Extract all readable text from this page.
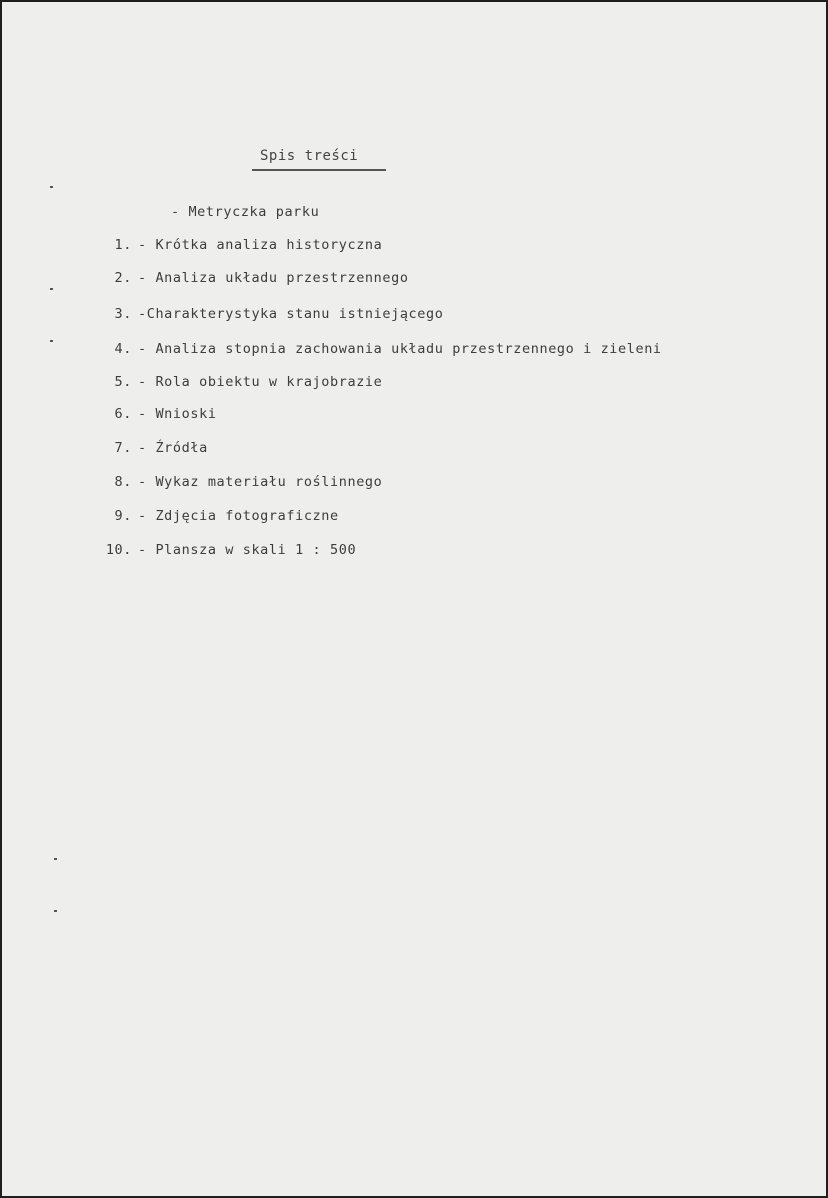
Spis treści
- Metryczka parku
1. - Krótka analiza historyczna
2. - Analiza układu przestrzennego
3. -Charakterystyka stanu istniejącego
4. - Analiza stopnia zachowania układu przestrzennego i zieleni
5. - Rola obiektu w krajobrazie
6. - Wnioski
7. - Źródła
8. - Wykaz materiału roślinnego
9. - Zdjęcia fotograficzne
10. - Plansza w skali 1 : 500
